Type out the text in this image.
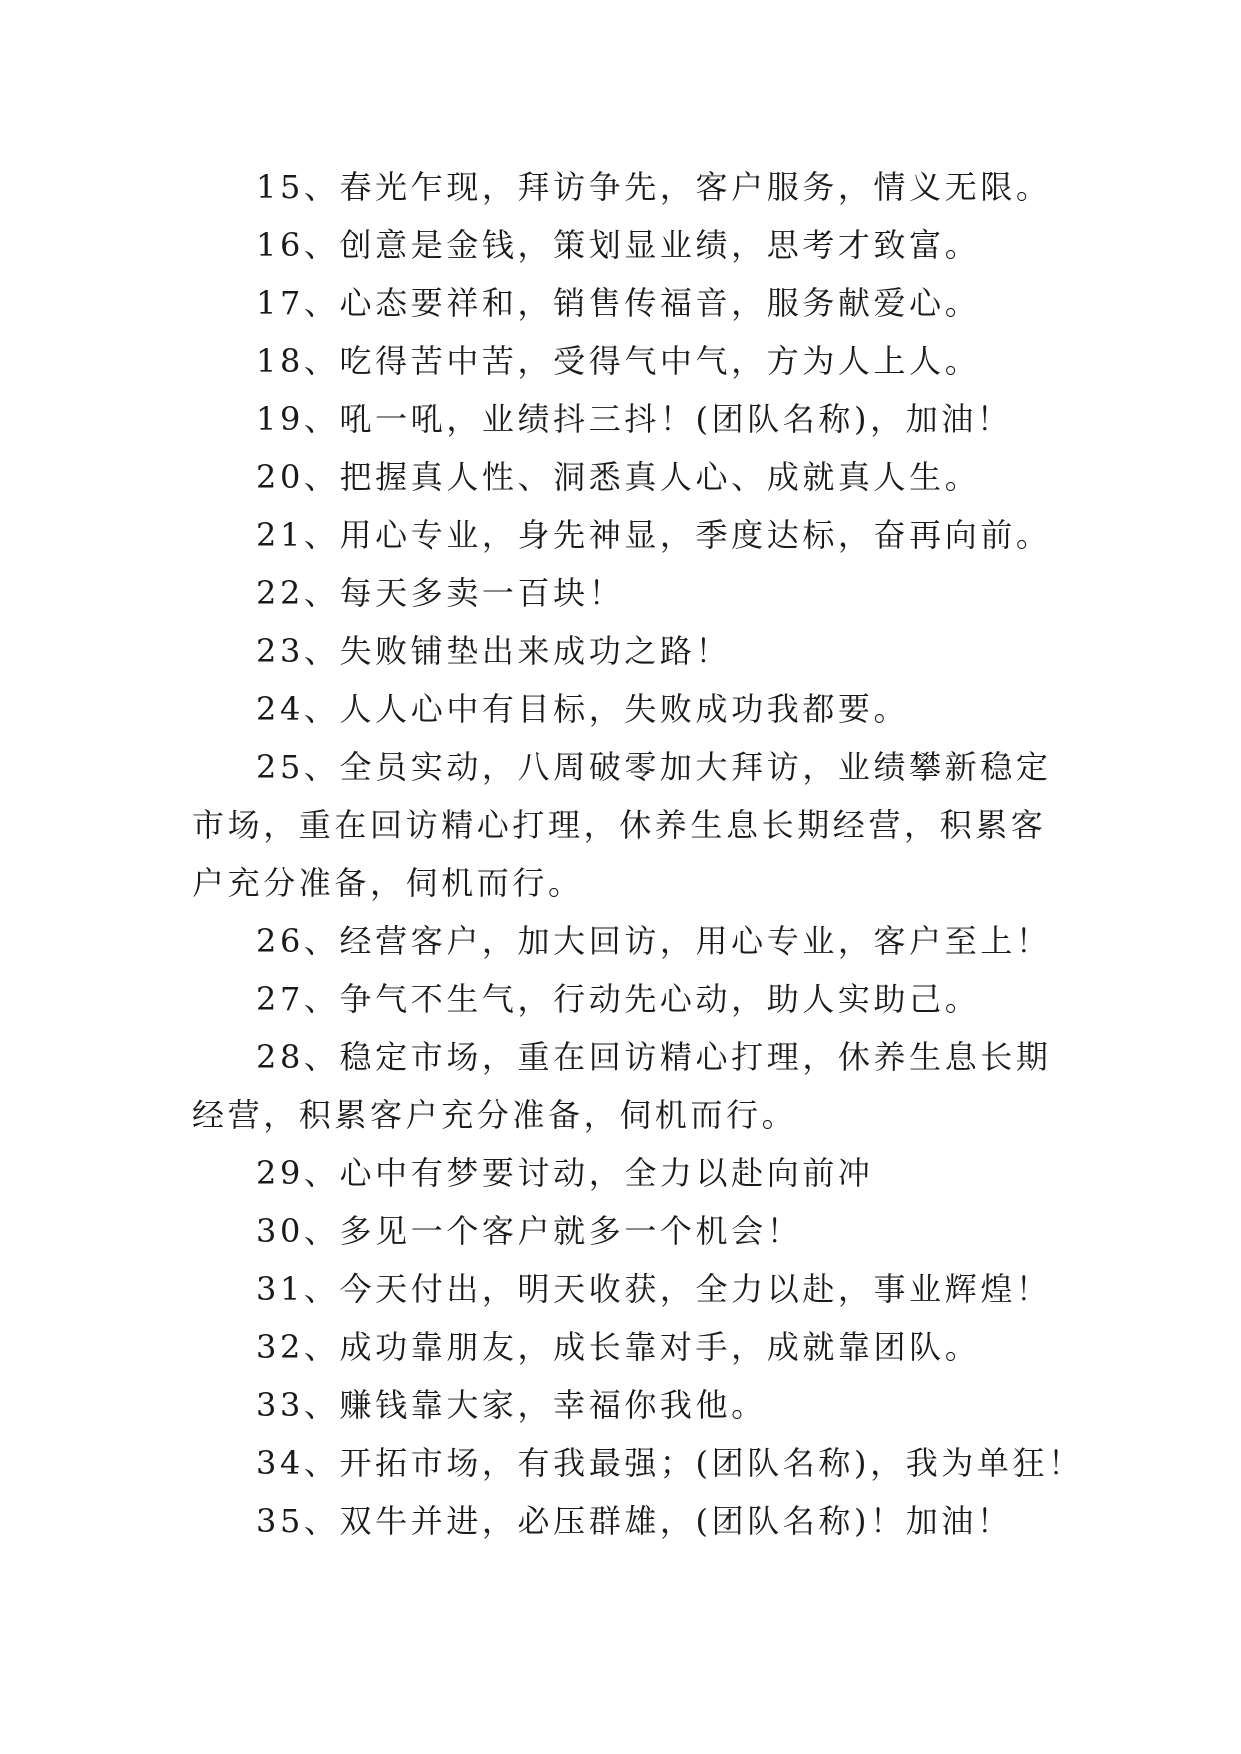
15、春光乍现，拜访争先，客户服务，情义无限。

16、创意是金钱，策划显业绩，思考才致富。

17、心态要祥和，销售传福音，服务献爱心。

18、吃得苦中苦，受得气中气，方为人上人。

19、吼一吼，业绩抖三抖！(团队名称)，加油！

20、把握真人性、洞悉真人心、成就真人生。

21、用心专业，身先神显，季度达标，奋再向前。

22、每天多卖一百块！

23、失败铺垫出来成功之路！

24、人人心中有目标，失败成功我都要。

25、全员实动，八周破零加大拜访，业绩攀新稳定市场，重在回访精心打理，休养生息长期经营，积累客户充分准备，伺机而行。

26、经营客户，加大回访，用心专业，客户至上！

27、争气不生气，行动先心动，助人实助己。

28、稳定市场，重在回访精心打理，休养生息长期经营，积累客户充分准备，伺机而行。

29、心中有梦要讨动，全力以赴向前冲

30、多见一个客户就多一个机会！

31、今天付出，明天收获，全力以赴，事业辉煌！

32、成功靠朋友，成长靠对手，成就靠团队。

33、赚钱靠大家，幸福你我他。

34、开拓市场，有我最强；(团队名称)，我为单狂！

35、双牛并进，必压群雄，(团队名称)！加油！
